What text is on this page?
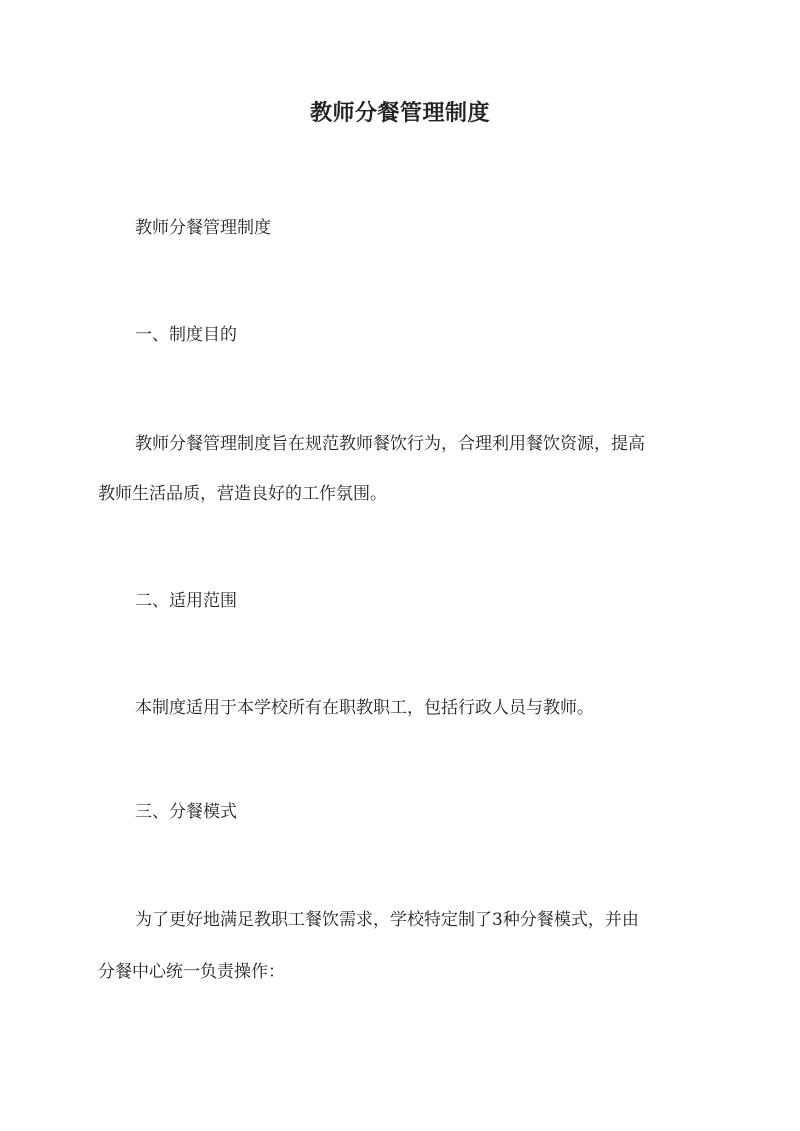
教师分餐管理制度
教师分餐管理制度
一、制度目的
教师分餐管理制度旨在规范教师餐饮行为，合理利用餐饮资源，提高
教师生活品质，营造良好的工作氛围。
二、适用范围
本制度适用于本学校所有在职教职工，包括行政人员与教师。
三、分餐模式
为了更好地满足教职工餐饮需求，学校特定制了3种分餐模式，并由
分餐中心统一负责操作：
